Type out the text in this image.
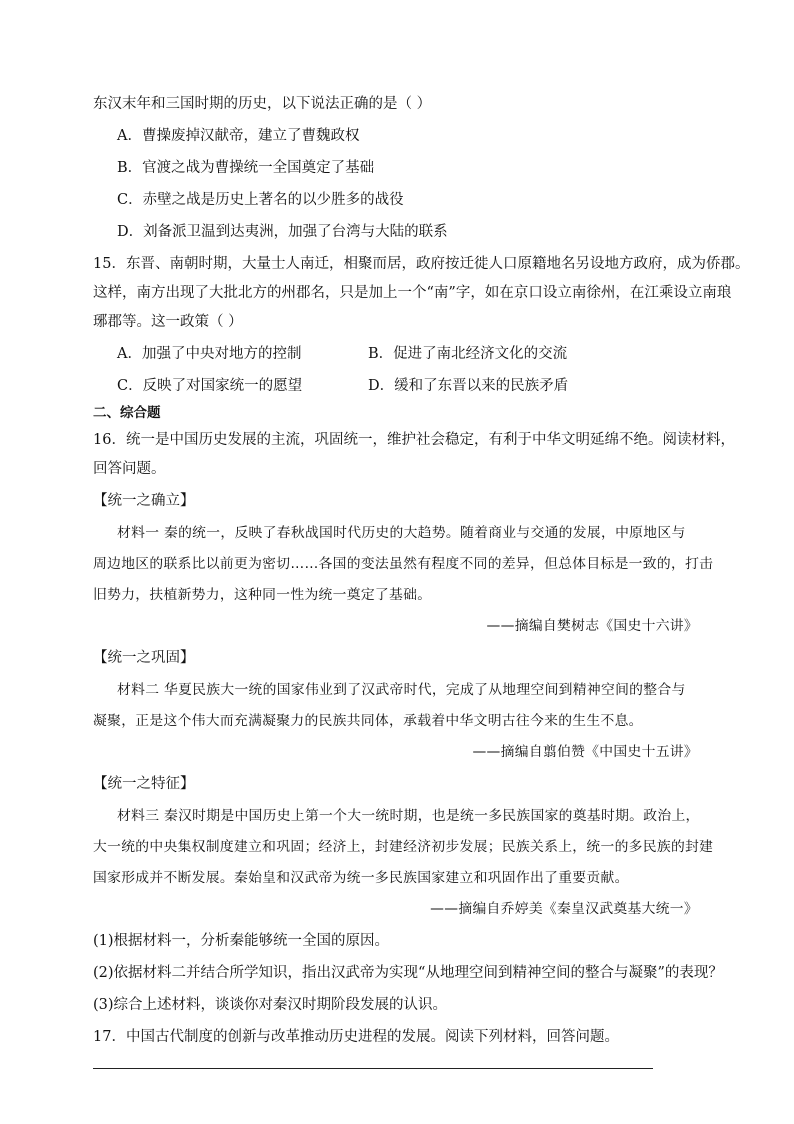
东汉末年和三国时期的历史，以下说法正确的是（ ）
A．曹操废掉汉献帝，建立了曹魏政权
B．官渡之战为曹操统一全国奠定了基础
C．赤壁之战是历史上著名的以少胜多的战役
D．刘备派卫温到达夷洲，加强了台湾与大陆的联系
15．东晋、南朝时期，大量士人南迁，相聚而居，政府按迁徙人口原籍地名另设地方政府，成为侨郡。
这样，南方出现了大批北方的州郡名，只是加上一个“南”字，如在京口设立南徐州，在江乘设立南琅
琊郡等。这一政策（ ）
A．加强了中央对地方的控制	B．促进了南北经济文化的交流
C．反映了对国家统一的愿望	D．缓和了东晋以来的民族矛盾
二、综合题
16．统一是中国历史发展的主流，巩固统一，维护社会稳定，有利于中华文明延绵不绝。阅读材料，
回答问题。
【统一之确立】
材料一 秦的统一，反映了春秋战国时代历史的大趋势。随着商业与交通的发展，中原地区与
周边地区的联系比以前更为密切……各国的变法虽然有程度不同的差异，但总体目标是一致的，打击
旧势力，扶植新势力，这种同一性为统一奠定了基础。
——摘编自樊树志《国史十六讲》
【统一之巩固】
材料二 华夏民族大一统的国家伟业到了汉武帝时代，完成了从地理空间到精神空间的整合与
凝聚，正是这个伟大而充满凝聚力的民族共同体，承载着中华文明古往今来的生生不息。
——摘编自翦伯赞《中国史十五讲》
【统一之特征】
材料三 秦汉时期是中国历史上第一个大一统时期，也是统一多民族国家的奠基时期。政治上，
大一统的中央集权制度建立和巩固；经济上，封建经济初步发展；民族关系上，统一的多民族的封建
国家形成并不断发展。秦始皇和汉武帝为统一多民族国家建立和巩固作出了重要贡献。
——摘编自乔婷美《秦皇汉武奠基大统一》
(1)根据材料一，分析秦能够统一全国的原因。
(2)依据材料二并结合所学知识，指出汉武帝为实现“从地理空间到精神空间的整合与凝聚”的表现？
(3)综合上述材料，谈谈你对秦汉时期阶段发展的认识。
17．中国古代制度的创新与改革推动历史进程的发展。阅读下列材料，回答问题。
